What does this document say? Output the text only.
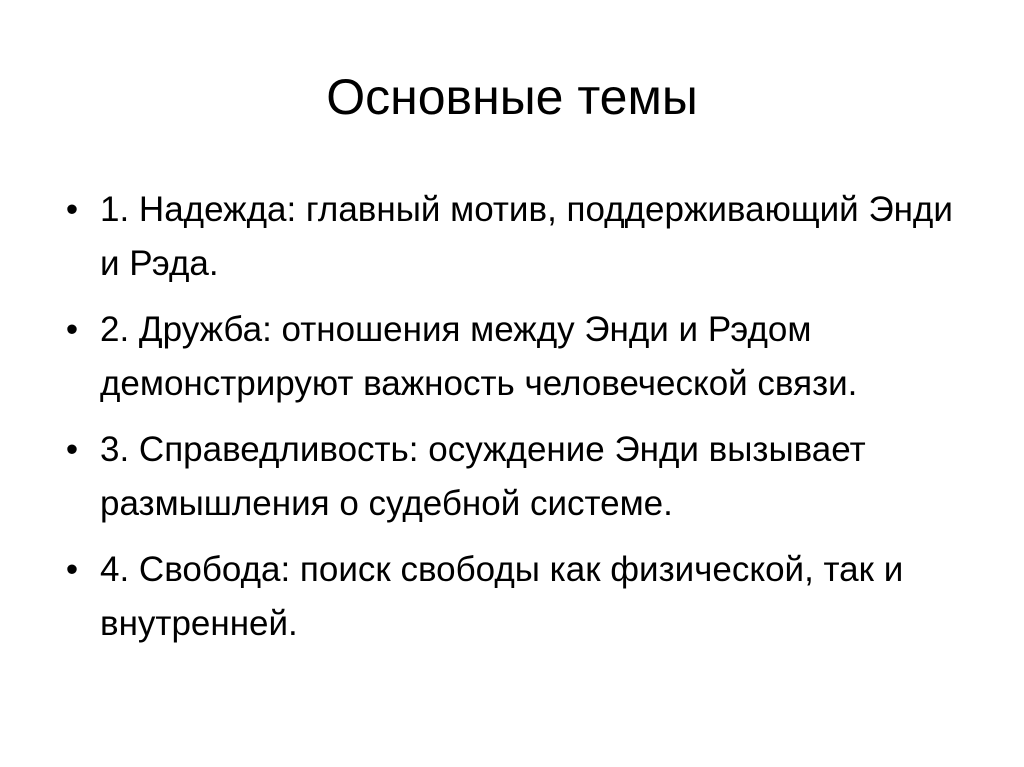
Основные темы
• 1. Надежда: главный мотив, поддерживающий Энди и Рэда.
• 2. Дружба: отношения между Энди и Рэдом демонстрируют важность человеческой связи.
• 3. Справедливость: осуждение Энди вызывает размышления о судебной системе.
• 4. Свобода: поиск свободы как физической, так и внутренней.
